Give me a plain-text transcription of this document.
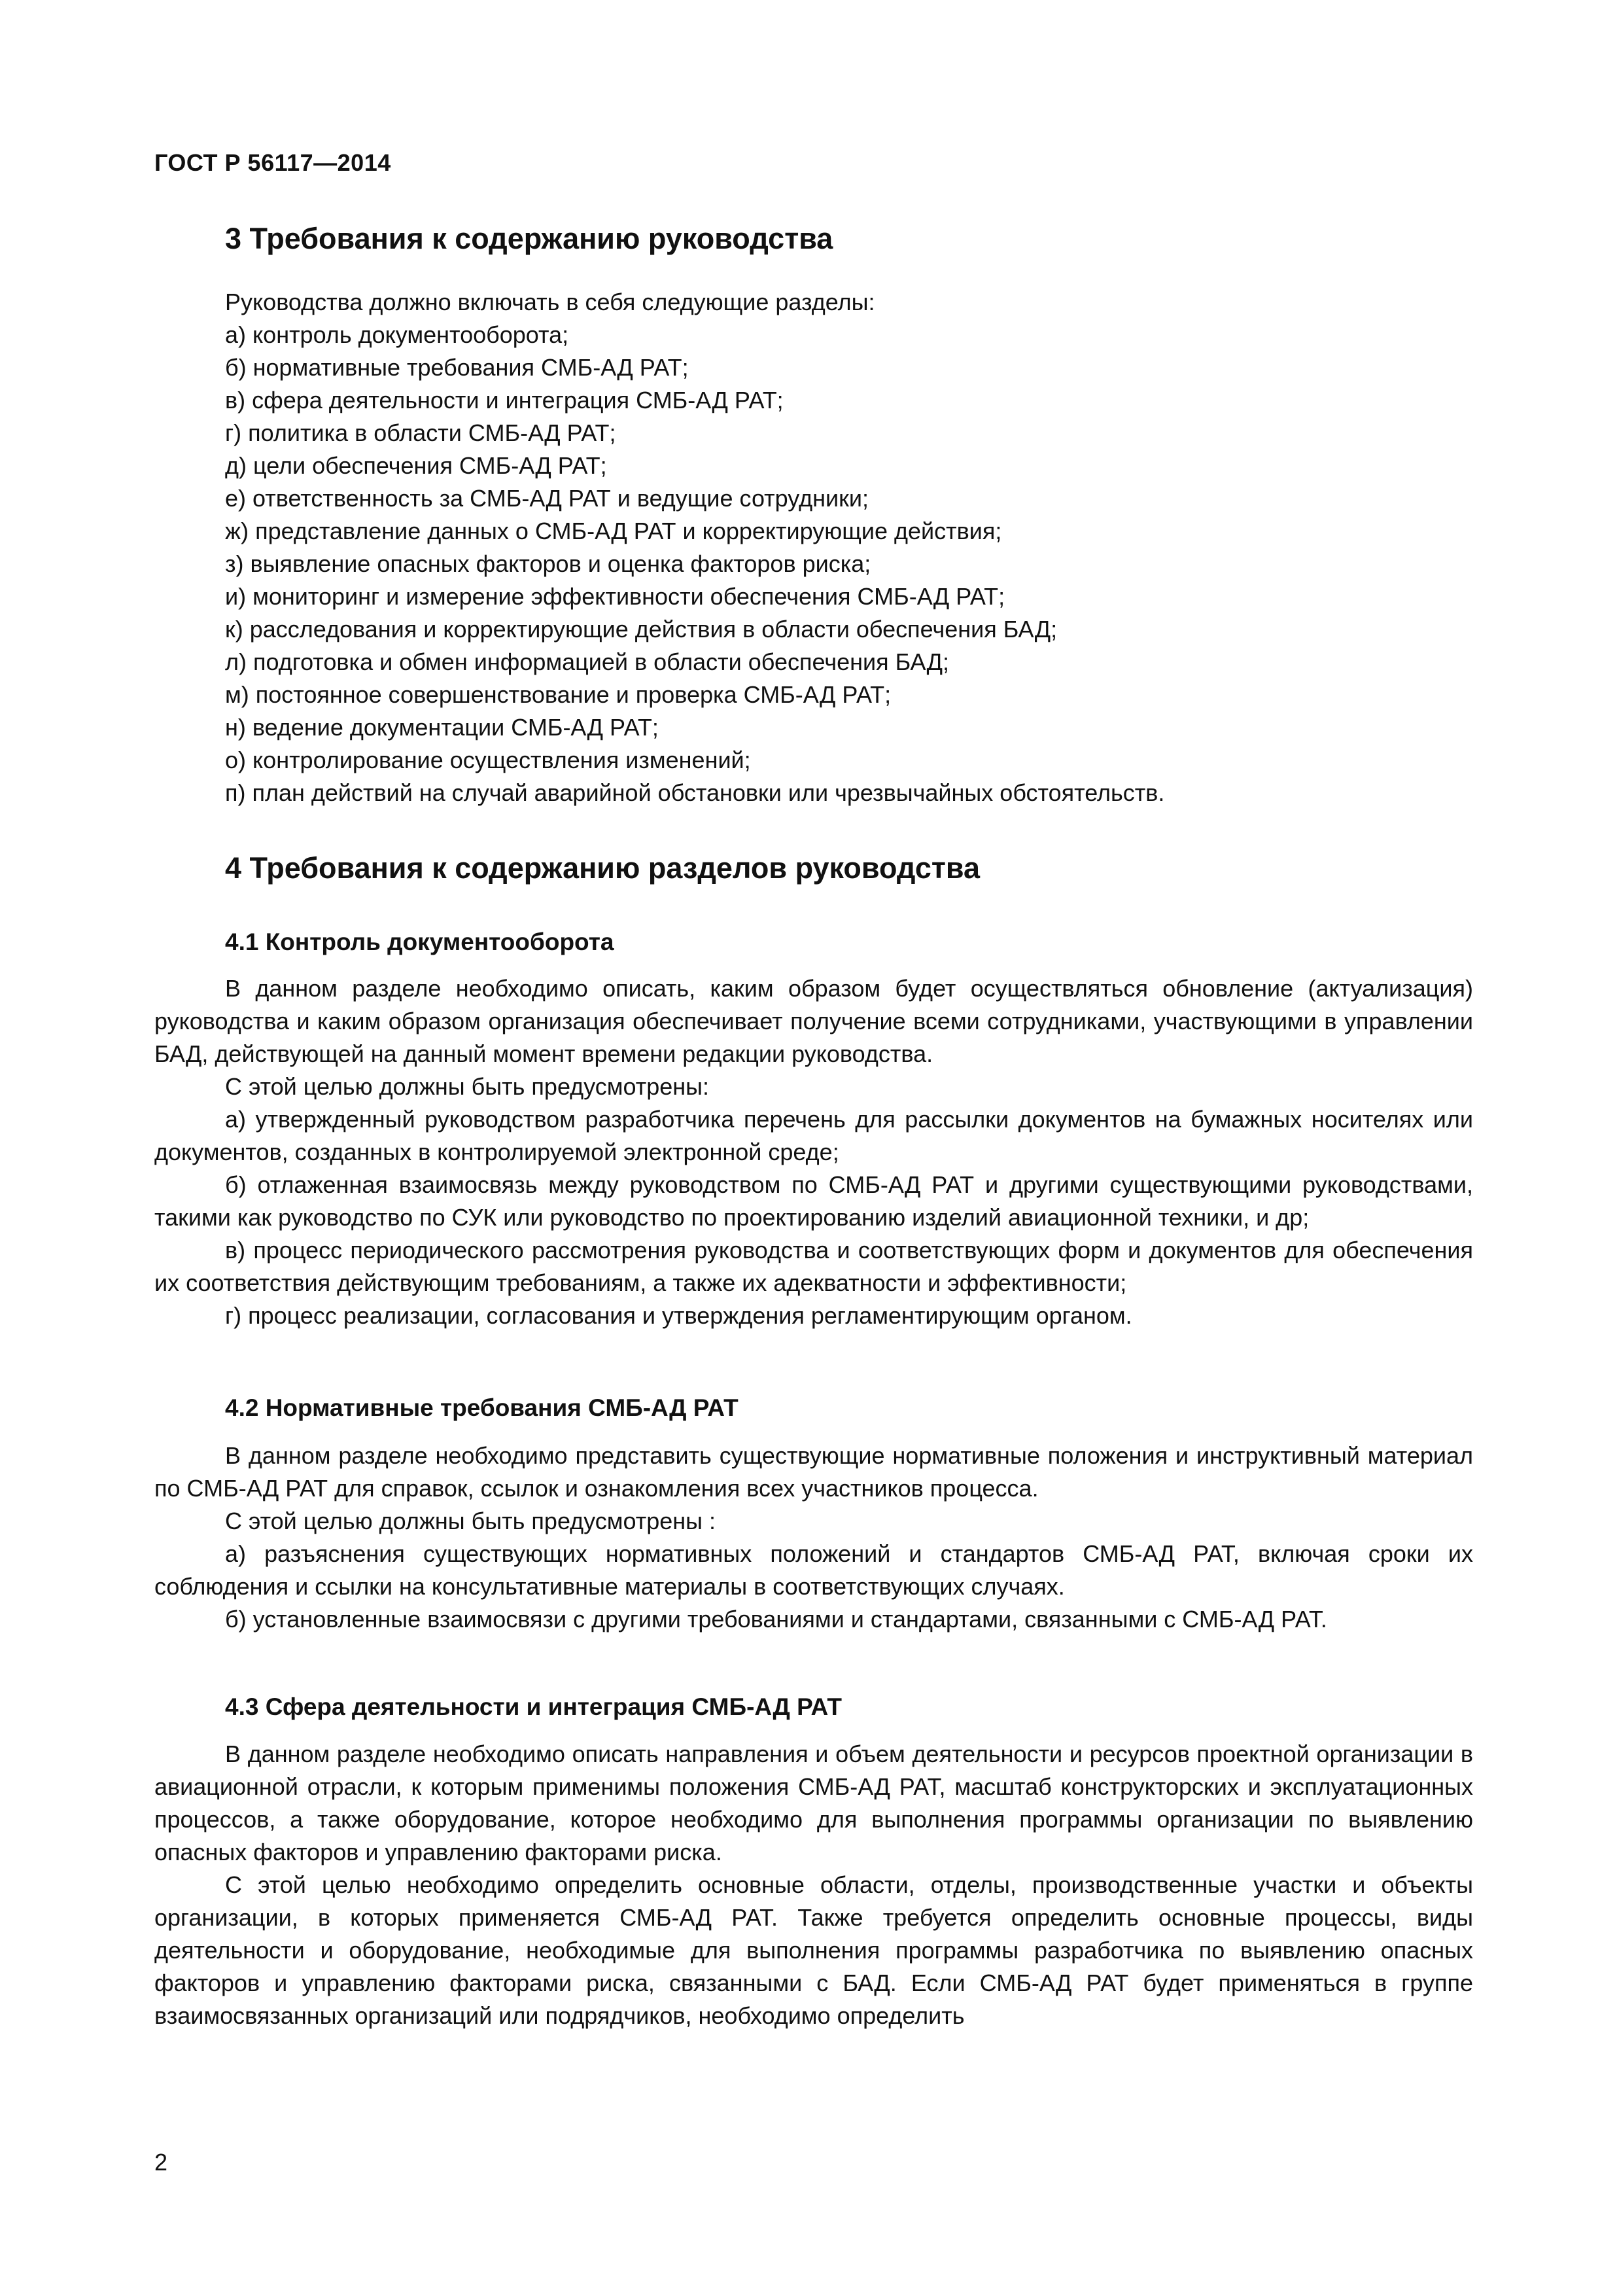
ГОСТ Р 56117—2014
3 Требования к содержанию руководства

Руководства должно включать в себя следующие разделы:

а) контроль документооборота;
б) нормативные требования СМБ-АД РАТ;
в) сфера деятельности и интеграция СМБ-АД РАТ;
г) политика в области СМБ-АД РАТ;
д) цели обеспечения СМБ-АД РАТ;
е) ответственность за СМБ-АД РАТ и ведущие сотрудники;
ж) представление данных о СМБ-АД РАТ и корректирующие действия;
з) выявление опасных факторов и оценка факторов риска;
и) мониторинг и измерение эффективности обеспечения СМБ-АД РАТ;
к) расследования и корректирующие действия в области обеспечения БАД;
л) подготовка и обмен информацией в области обеспечения БАД;
м) постоянное совершенствование и проверка СМБ-АД РАТ;
н) ведение документации СМБ-АД РАТ;
о) контролирование осуществления изменений;
п) план действий на случай аварийной обстановки или чрезвычайных обстоятельств.
4 Требования к содержанию разделов руководства
4.1 Контроль документооборота

В данном разделе необходимо описать, каким образом будет осуществляться обновление (актуализация) руководства и каким образом организация обеспечивает получение всеми сотрудниками, участвующими в управлении БАД, действующей на данный момент времени редакции руководства.

С этой целью должны быть предусмотрены:

а) утвержденный руководством разработчика перечень для рассылки документов на бумажных носителях или документов, созданных в контролируемой электронной среде;

б) отлаженная взаимосвязь между руководством по СМБ-АД РАТ и другими существующими руководствами, такими как руководство по СУК или руководство по проектированию изделий авиационной техники, и др;

в) процесс периодического рассмотрения руководства и соответствующих форм и документов для обеспечения их соответствия действующим требованиям, а также их адекватности и эффективности;

г) процесс реализации, согласования и утверждения регламентирующим органом.

4.2 Нормативные требования СМБ-АД РАТ

В данном разделе необходимо представить существующие нормативные положения и инструктивный материал по СМБ-АД РАТ для справок, ссылок и ознакомления всех участников процесса.

С этой целью должны быть предусмотрены :

а) разъяснения существующих нормативных положений и стандартов СМБ-АД РАТ, включая сроки их соблюдения и ссылки на консультативные материалы в соответствующих случаях.

б) установленные взаимосвязи с другими требованиями и стандартами, связанными с СМБ-АД РАТ.

4.3 Сфера деятельности и интеграция СМБ-АД РАТ

В данном разделе необходимо описать направления и объем деятельности и ресурсов проектной организации в авиационной отрасли, к которым применимы положения СМБ-АД РАТ, масштаб конструкторских и эксплуатационных процессов, а также оборудование, которое необходимо для выполнения программы организации по выявлению опасных факторов и управлению факторами риска.

С этой целью необходимо определить основные области, отделы, производственные участки и объекты организации, в которых применяется СМБ-АД РАТ. Также требуется определить основные процессы, виды деятельности и оборудование, необходимые для выполнения программы разработчика по выявлению опасных факторов и управлению факторами риска, связанными с БАД. Если СМБ-АД РАТ будет применяться в группе взаимосвязанных организаций или подрядчиков, необходимо определить

2
